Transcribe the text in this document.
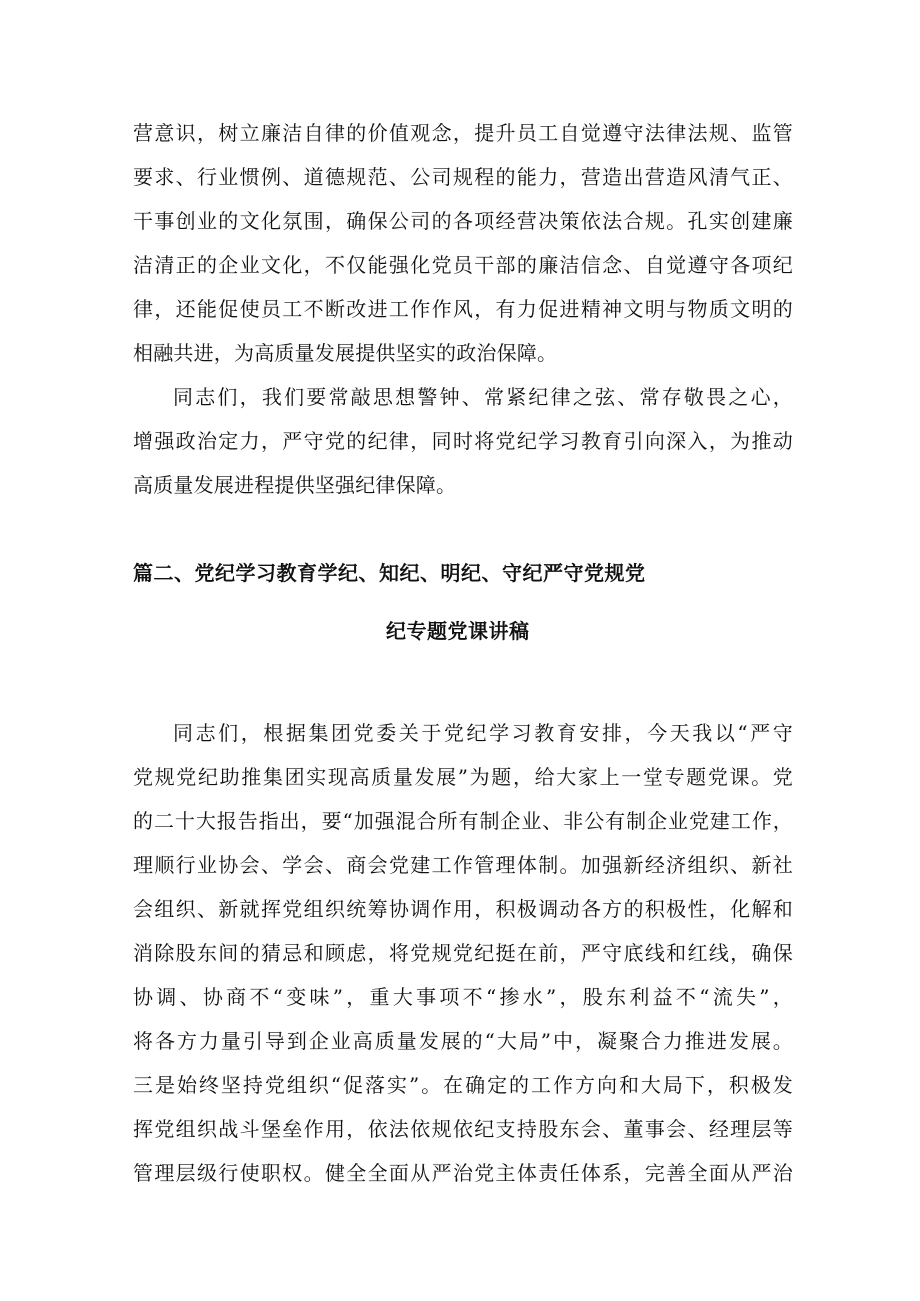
营意识，树立廉洁自律的价值观念，提升员工自觉遵守法律法规、监管
要求、行业惯例、道德规范、公司规程的能力，营造出营造风清气正、
干事创业的文化氛围，确保公司的各项经营决策依法合规。孔实创建廉
洁清正的企业文化，不仅能强化党员干部的廉洁信念、自觉遵守各项纪
律，还能促使员工不断改进工作作风，有力促进精神文明与物质文明的
相融共进，为高质量发展提供坚实的政治保障。
同志们，我们要常敲思想警钟、常紧纪律之弦、常存敬畏之心，
增强政治定力，严守党的纪律，同时将党纪学习教育引向深入，为推动
高质量发展进程提供坚强纪律保障。
篇二、党纪学习教育学纪、知纪、明纪、守纪严守党规党
纪专题党课讲稿
同志们，根据集团党委关于党纪学习教育安排，今天我以“严守
党规党纪助推集团实现高质量发展”为题，给大家上一堂专题党课。党
的二十大报告指出，要“加强混合所有制企业、非公有制企业党建工作，
理顺行业协会、学会、商会党建工作管理体制。加强新经济组织、新社
会组织、新就挥党组织统筹协调作用，积极调动各方的积极性，化解和
消除股东间的猜忌和顾虑，将党规党纪挺在前，严守底线和红线，确保
协调、协商不“变味”，重大事项不“掺水”，股东利益不“流失”，
将各方力量引导到企业高质量发展的“大局”中，凝聚合力推进发展。
三是始终坚持党组织“促落实”。在确定的工作方向和大局下，积极发
挥党组织战斗堡垒作用，依法依规依纪支持股东会、董事会、经理层等
管理层级行使职权。健全全面从严治党主体责任体系，完善全面从严治
